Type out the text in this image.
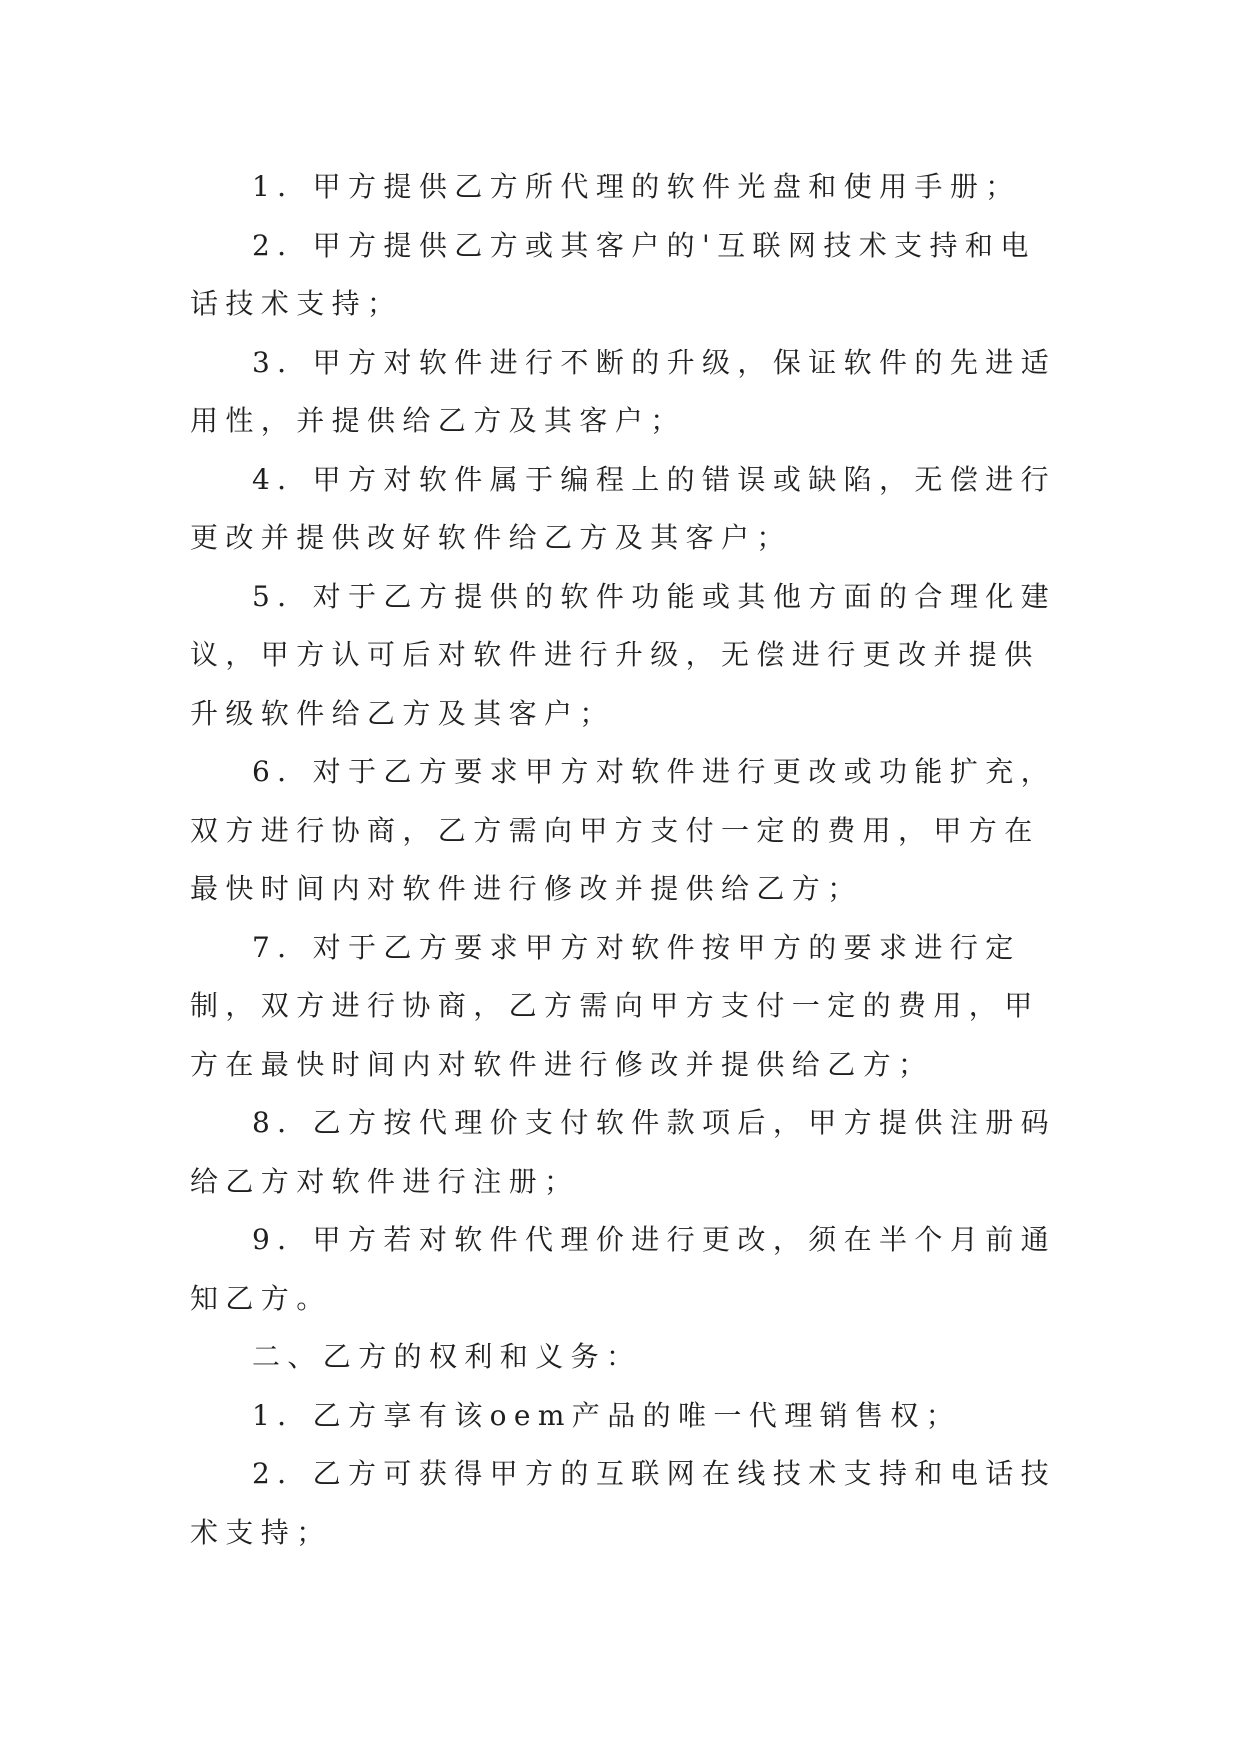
1．甲方提供乙方所代理的软件光盘和使用手册；

2．甲方提供乙方或其客户的'互联网技术支持和电话技术支持；

3．甲方对软件进行不断的升级，保证软件的先进适用性，并提供给乙方及其客户；

4．甲方对软件属于编程上的错误或缺陷，无偿进行更改并提供改好软件给乙方及其客户；

5．对于乙方提供的软件功能或其他方面的合理化建议，甲方认可后对软件进行升级，无偿进行更改并提供升级软件给乙方及其客户；

6．对于乙方要求甲方对软件进行更改或功能扩充，双方进行协商，乙方需向甲方支付一定的费用，甲方在最快时间内对软件进行修改并提供给乙方；

7．对于乙方要求甲方对软件按甲方的要求进行定制，双方进行协商，乙方需向甲方支付一定的费用，甲方在最快时间内对软件进行修改并提供给乙方；

8．乙方按代理价支付软件款项后，甲方提供注册码给乙方对软件进行注册；

9．甲方若对软件代理价进行更改，须在半个月前通知乙方。

二、乙方的权利和义务：

1．乙方享有该oem产品的唯一代理销售权；

2．乙方可获得甲方的互联网在线技术支持和电话技术支持；
